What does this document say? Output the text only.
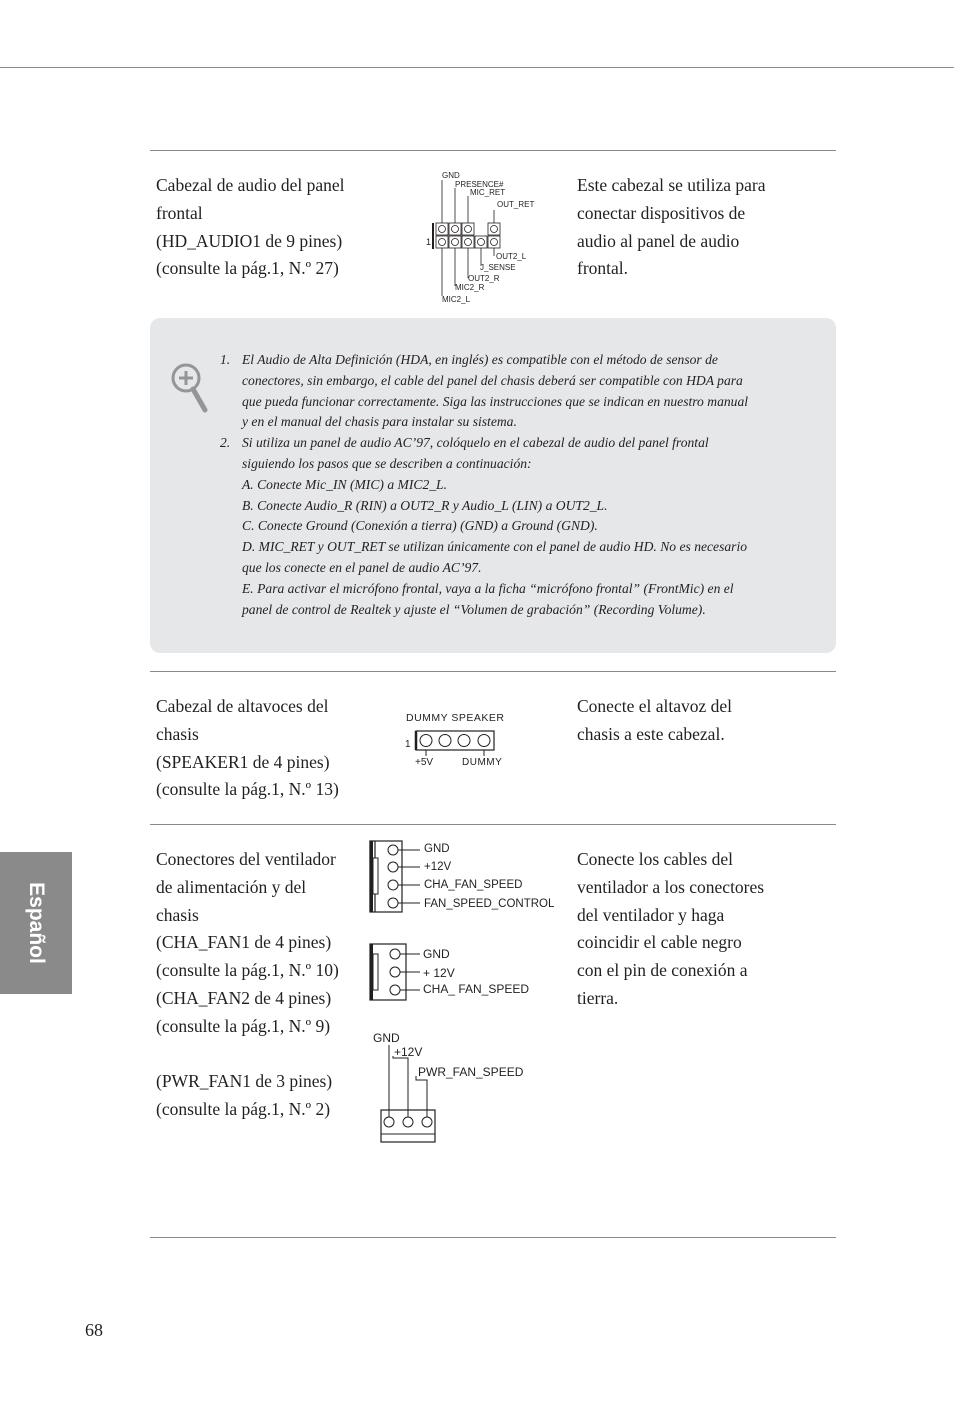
Cabezal de audio del panel
frontal
(HD_AUDIO1 de 9 pines)
(consulte la pág.1, N.º 27)
GND
PRESENCE#
MIC_RET
OUT_RET
1
OUT2_L
J_SENSE
OUT2_R
MIC2_R
MIC2_L
Este cabezal se utiliza para
conectar dispositivos de
audio al panel de audio
frontal.
1. El Audio de Alta Definición (HDA, en inglés) es compatible con el método de sensor de
conectores, sin embargo, el cable del panel del chasis deberá ser compatible con HDA para
que pueda funcionar correctamente. Siga las instrucciones que se indican en nuestro manual
y en el manual del chasis para instalar su sistema.
2. Si utiliza un panel de audio AC’97, colóquelo en el cabezal de audio del panel frontal
siguiendo los pasos que se describen a continuación:
A. Conecte Mic_IN (MIC) a MIC2_L.
B. Conecte Audio_R (RIN) a OUT2_R y Audio_L (LIN) a OUT2_L.
C. Conecte Ground (Conexión a tierra) (GND) a Ground (GND).
D. MIC_RET y OUT_RET se utilizan únicamente con el panel de audio HD. No es necesario
que los conecte en el panel de audio AC’97.
E. Para activar el micrófono frontal, vaya a la ficha “micrófono frontal” (FrontMic) en el
panel de control de Realtek y ajuste el “Volumen de grabación” (Recording Volume).
Cabezal de altavoces del
chasis
(SPEAKER1 de 4 pines)
(consulte la pág.1, N.º 13)
DUMMY SPEAKER
1
+5V	DUMMY
Conecte el altavoz del
chasis a este cabezal.
Conectores del ventilador
de alimentación y del
chasis
(CHA_FAN1 de 4 pines)
(consulte la pág.1, N.º 10)
(CHA_FAN2 de 4 pines)
(consulte la pág.1, N.º 9)
(PWR_FAN1 de 3 pines)
(consulte la pág.1, N.º 2)
GND
+12V
CHA_FAN_SPEED
FAN_SPEED_CONTROL
GND
+ 12V
CHA_ FAN_SPEED
GND
+12V
PWR_FAN_SPEED
Conecte los cables del
ventilador a los conectores
del ventilador y haga
coincidir el cable negro
con el pin de conexión a
tierra.
Español
68
